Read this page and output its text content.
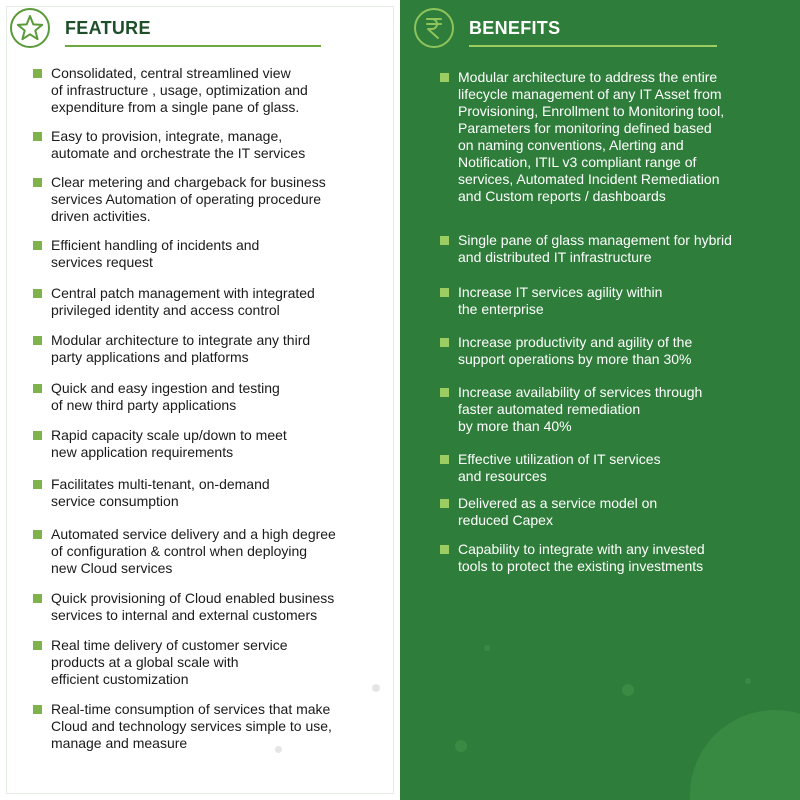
FEATURE
Consolidated, central streamlined view
of infrastructure , usage, optimization and
expenditure from a single pane of glass.
Easy to provision, integrate, manage,
automate and orchestrate the IT services
Clear metering and chargeback for business
services Automation of operating procedure
driven activities.
Efficient handling of incidents and
services request
Central patch management with integrated
privileged identity and access control
Modular architecture to integrate any third
party applications and platforms
Quick and easy ingestion and testing
of new third party applications
Rapid capacity scale up/down to meet
new application requirements
Facilitates multi-tenant, on-demand
service consumption
Automated service delivery and a high degree
of configuration & control when deploying
new Cloud services
Quick provisioning of Cloud enabled business
services to internal and external customers
Real time delivery of customer service
products at a global scale with
efficient customization
Real-time consumption of services that make
Cloud and technology services simple to use,
manage and measure
BENEFITS
Modular architecture to address the entire
lifecycle management of any IT Asset from
Provisioning, Enrollment to Monitoring tool,
Parameters for monitoring defined based
on naming conventions, Alerting and
Notification, ITIL v3 compliant range of
services, Automated Incident Remediation
and Custom reports / dashboards
Single pane of glass management for hybrid
and distributed IT infrastructure
Increase IT services agility within
the enterprise
Increase productivity and agility of the
support operations by more than 30%
Increase availability of services through
faster automated remediation
by more than 40%
Effective utilization of IT services
and resources
Delivered as a service model on
reduced Capex
Capability to integrate with any invested
tools to protect the existing investments
